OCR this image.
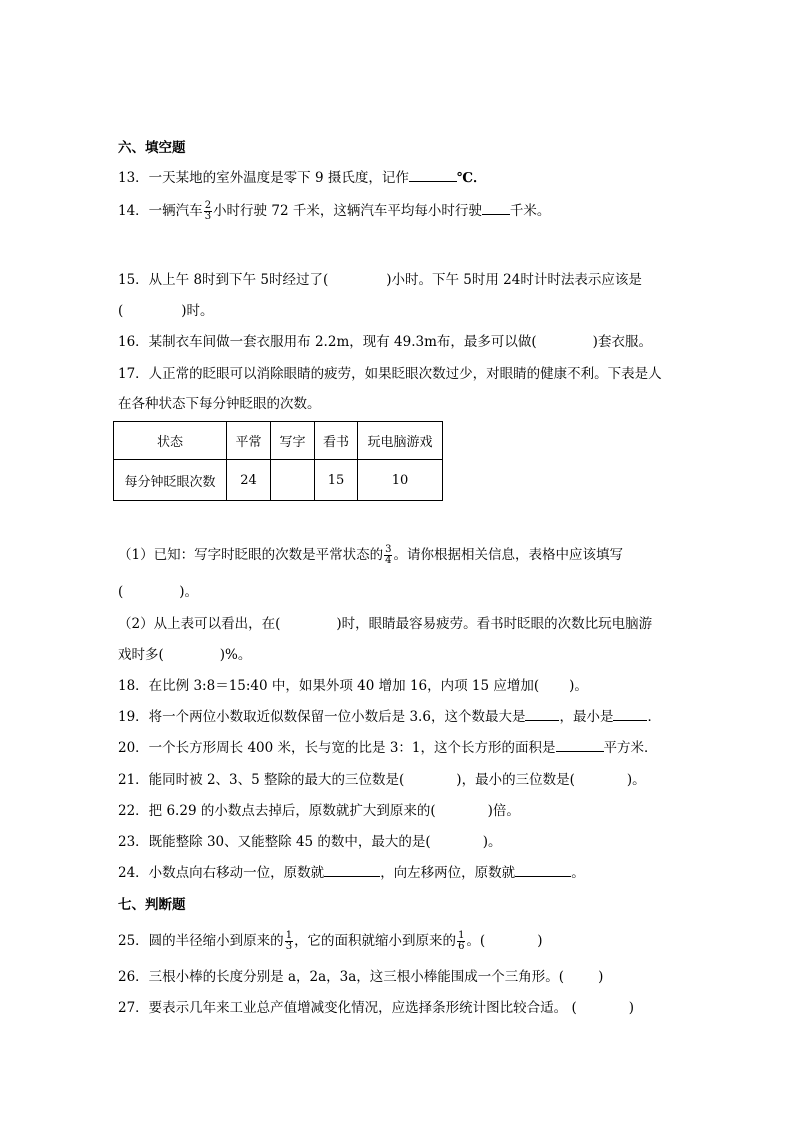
六、填空题
13．一天某地的室外温度是零下 9 摄氏度，记作	℃．
14．一辆汽车 $\frac{2}{3}$ 小时行驶 72 千米，这辆汽车平均每小时行驶 千米。
15．从上午 8时到下午 5时经过了(	)小时。下午 5时用 24时计时法表示应该是
(	)时。
16．某制衣车间做一套衣服用布 2.2m，现有 49.3m布，最多可以做(	)套衣服。
17．人正常的眨眼可以消除眼睛的疲劳，如果眨眼次数过少，对眼睛的健康不利。下表是人
在各种状态下每分钟眨眼的次数。
状态	平常	写字	看书	玩电脑游戏
每分钟眨眼次数	24		15	10
（1）已知：写字时眨眼的次数是平常状态的 $\frac{3}{4}$ 。请你根据相关信息，表格中应该填写
(	)。
（2）从上表可以看出，在(	)时，眼睛最容易疲劳。看书时眨眼的次数比玩电脑游
戏时多(	)%。
18．在比例 3:8＝15:40 中，如果外项 40 增加 16，内项 15 应增加( )。
19．将一个两位小数取近似数保留一位小数后是 3.6，这个数最大是	，最小是	．
20．一个长方形周长 400 米，长与宽的比是 3：1，这个长方形的面积是	平方米．
21．能同时被 2、3、5 整除的最大的三位数是(	)，最小的三位数是(	)。
22．把 6.29 的小数点去掉后，原数就扩大到原来的(	)倍。
23．既能整除 30、又能整除 45 的数中，最大的是(	)。
24．小数点向右移动一位，原数就	，向左移两位，原数就	。
七、判断题
25．圆的半径缩小到原来的 $\frac{1}{3}$ ，它的面积就缩小到原来的 $\frac{1}{6}$ 。(	)
26．三根小棒的长度分别是 a，2a，3a，这三根小棒能围成一个三角形。(	)
27．要表示几年来工业总产值增减变化情况，应选择条形统计图比较合适。 (	)
